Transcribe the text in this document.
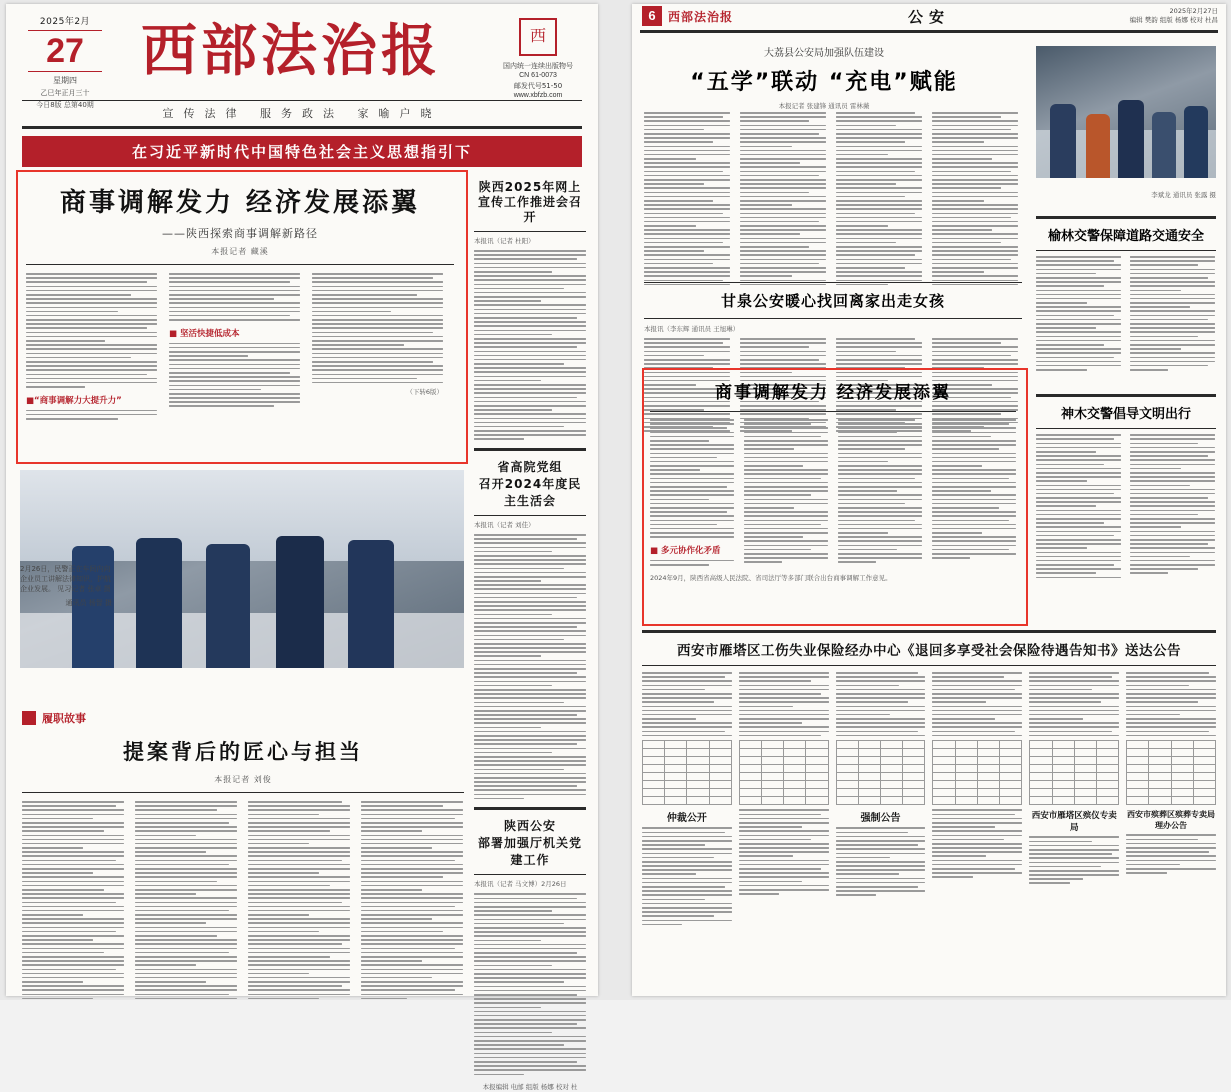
2025年2月
27
星期四
乙巳年正月三十
今日8版 总第40期
西部法治报	西
国内统一连续出版物号
CN 61-0073
邮发代号51-50
www.xbfzb.com
宣传法律 服务政法 家喻户晓
在习近平新时代中国特色社会主义思想指引下
商事调解发力 经济发展添翼
——陕西探索商事调解新路径
本报记者 藏溪
■“商事调解力大提升力”
■ 坚活快捷低成本
（下转6版）
陕西2025年网上宣传工作推进会召开
本报讯（记者 杜阳）
省高院党组
召开2024年度民主生活会
本报讯（记者 刘佳）
陕西公安
部署加强厅机关党建工作
本报讯（记者 马文博）2月26日
本报编辑 电邮 组版 杨娜 校对 杜
2月26日，民警正在车间内向企业员工讲解法律知识，护航企业发展。 见习记者 张卓 摄
通讯员 杨智 摄
履职故事
提案背后的匠心与担当
本报记者 刘俊
6	西部法治报	公安	2025年2月27日
编辑 樊韵 组版 杨娜 校对 杜昌
大荔县公安局加强队伍建设
“五学”联动 “充电”赋能
本报记者 张建锋 通讯员 雷林薇

李斌龙 通讯员 张露 摄
甘泉公安暖心找回离家出走女孩
本报讯（李东辉 通讯员 王旭琳）
榆林交警保障道路交通安全

神木交警倡导文明出行
商事调解发力 经济发展添翼
■ 多元协作化矛盾
2024年9月，陕西省高级人民法院、省司法厅等多部门联合出台商事调解工作意见。
西安市雁塔区工伤失业保险经办中心《退回多享受社会保险待遇告知书》送达公告

仲裁公开

				强制公告

				西安市雁塔区殡仪专卖局

西安市殡葬区殡葬专卖局理办公告
